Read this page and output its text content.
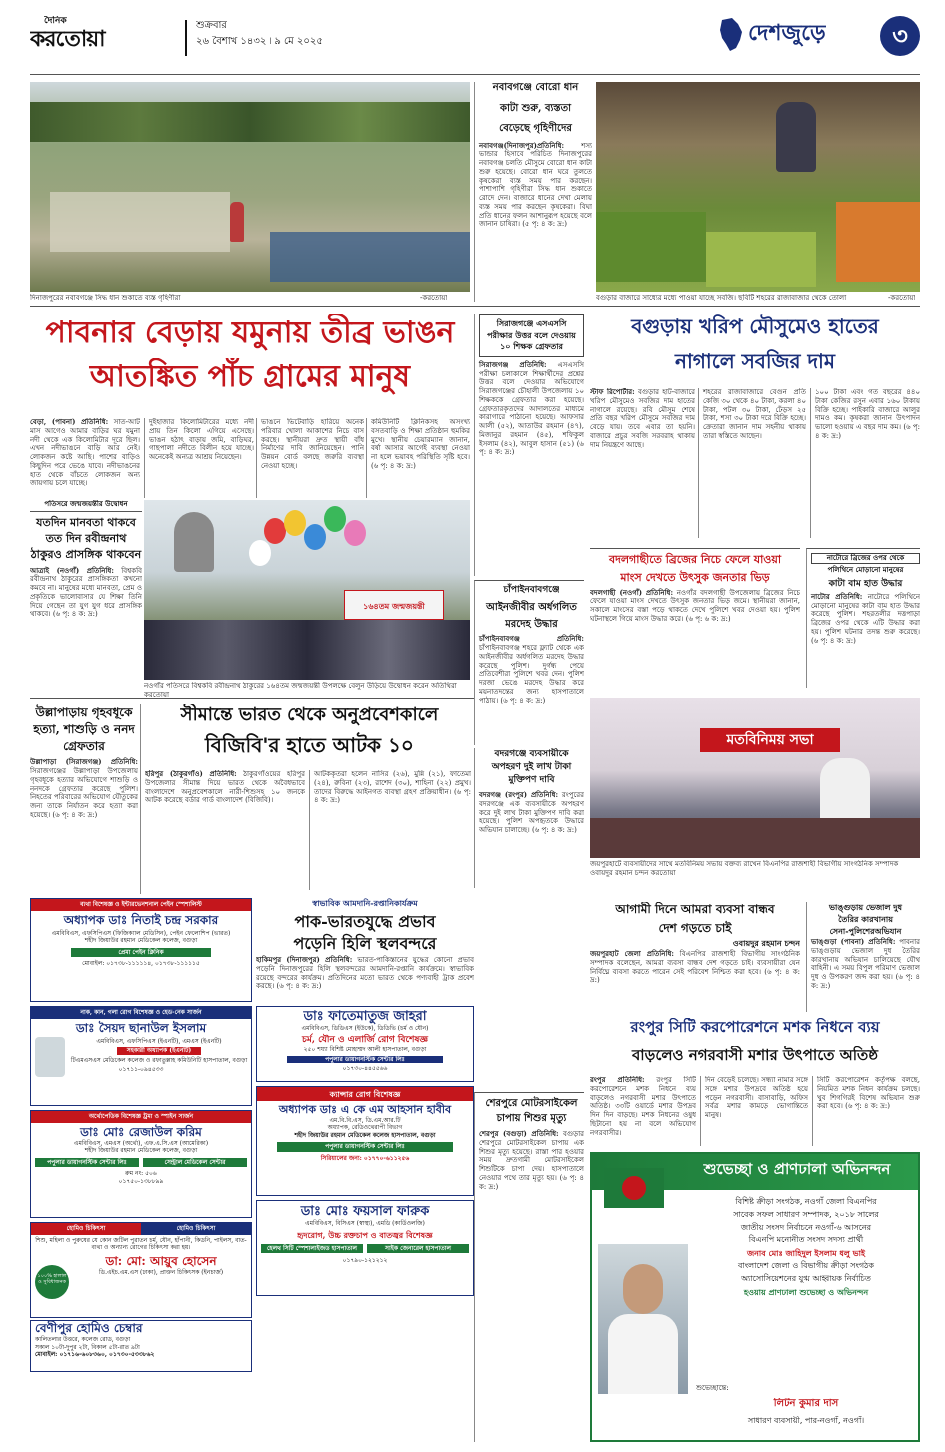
দৈনিক
করতোয়া
শুক্রবার
২৬ বৈশাখ ১৪৩২ ৷ ৯ মে ২০২৫	দেশজুড়ে	৩
দিনাজপুরের নবাবগঞ্জে সিদ্ধ ধান শুকাতে ব্যস্ত গৃহিণীরা	-করতোয়া
নবাবগঞ্জে বোরো ধান
কাটা শুরু, ব্যস্ততা
বেড়েছে গৃহিণীদের
নবাবগঞ্জ(দিনাজপুর)প্রতিনিধি: শস্য ভান্ডার হিসাবে পরিচিত দিনাজপুরের নবাবগঞ্জ চলতি মৌসুমে বোরো ধান কাটা শুরু হয়েছে। বোরো ধান ঘরে তুলতে কৃষকেরা ব্যস্ত সময় পার করছেন। পাশাপাশি গৃহিণীরা সিদ্ধ ধান শুকাতে রোদে দেন। বাজারে ধানের দেখা মেলায় ব্যস্ত সময় পার করছেন কৃষকেরা। বিঘা প্রতি ধানের ফলন আশানুরূপ হয়েছে বলে জানান চাষিরা। (৫ পৃ: ৪ ক: দ্র:)
বগুড়ার বাজারে সাধ্যের মধ্যে পাওয়া যাচ্ছে সবজি। ছবিটি শহরের রাজাবাজার থেকে তোলা	-করতোয়া
পাবনার বেড়ায় যমুনায় তীব্র ভাঙন
আতঙ্কিত পাঁচ গ্রামের মানুষ
বেড়া, (পাবনা) প্রতিনিধি: সাত-আট মাস আগেও আমার বাড়ির ঘর যমুনা নদী থেকে এক কিলোমিটার দূরে ছিল। এখন নদীভাঙনে বাড়ি আর নেই। লোকজন কষ্টে আছি। পাশের বাড়িও কিছুদিন পরে ভেঙে যাবে। নদীভাঙনের হাত থেকে বাঁচতে লোকজন অন্য জায়গায় চলে যাচ্ছে।
দুইহাজার কিলোমিটারের মধ্যে নদী প্রায় তিন কিলো এগিয়ে এসেছে। ভাঙন হঠাৎ বাড়ায় জমি, বাড়িঘর, গাছপালা নদীতে বিলীন হয়ে যাচ্ছে। অনেকেই অন্যত্র আশ্রয় নিয়েছেন।
ভাঙনে ভিটেবাড়ি হারিয়ে অনেক পরিবার খোলা আকাশের নিচে বাস করছে। স্থানীয়রা দ্রুত স্থায়ী বাঁধ নির্মাণের দাবি জানিয়েছেন। পানি উন্নয়ন বোর্ড বলছে জরুরি ব্যবস্থা নেওয়া হচ্ছে।
কমিউনিটি ক্লিনিকসহ অসংখ্য বসতবাড়ি ও শিক্ষা প্রতিষ্ঠান হুমকির মুখে। স্থানীয় চেয়ারম্যান জানান, বর্ষা আসার আগেই ব্যবস্থা নেওয়া না হলে ভয়াবহ পরিস্থিতি সৃষ্টি হবে। (৬ পৃ: ৪ ক: দ্র:)
পতিসরে জন্মজয়ন্তীর উদ্বোধন
যতদিন মানবতা থাকবে তত দিন রবীন্দ্রনাথ ঠাকুরও প্রাসঙ্গিক থাকবেন
আত্রাই (নওগাঁ) প্রতিনিধি: বিশ্বকবি রবীন্দ্রনাথ ঠাকুরের প্রাসঙ্গিকতা কখনো কমবে না। মানুষের মধ্যে মানবতা, প্রেম ও প্রকৃতিকে ভালোবাসার যে শিক্ষা তিনি দিয়ে গেছেন তা যুগ যুগ ধরে প্রাসঙ্গিক থাকবে। (৬ পৃ: ৪ ক: দ্র:)
১৬৪তম জন্মজয়ন্তী
নওগাঁর পতিসরে বিশ্বকবি রবীন্দ্রনাথ ঠাকুরের ১৬৪তম জন্মজয়ন্তী উপলক্ষে বেলুন উড়িয়ে উদ্বোধন করেন অতিথিরা করতোয়া
সিরাজগঞ্জে এসএসসি পরীক্ষার উত্তর বলে দেওয়ায় ১০ শিক্ষক গ্রেফতার
সিরাজগঞ্জ প্রতিনিধি: এসএসসি পরীক্ষা চলাকালে শিক্ষার্থীদের প্রশ্নের উত্তর বলে দেওয়ার অভিযোগে সিরাজগঞ্জের চৌহালী উপজেলায় ১০ শিক্ষককে গ্রেফতার করা হয়েছে। গ্রেফতারকৃতদের আদালতের মাধ্যমে কারাগারে পাঠানো হয়েছে। আফসার আলী (৫২), আতাউর রহমান (৪৭), মিজানুর রহমান (৪৫), শফিকুল ইসলাম (৪২), আবুল হাসান (৫১) (৬ পৃ: ৪ ক: দ্র:)
বগুড়ায় খরিপ মৌসুমেও হাতের
নাগালে সবজির দাম
স্টাফ রিপোর্টার: বগুড়ার হাট-বাজারে খরিপ মৌসুমেও সবজির দাম হাতের নাগালে রয়েছে। রবি মৌসুম শেষে প্রতি বছর খরিপ মৌসুমে সবজির দাম বেড়ে যায়। তবে এবার তা হয়নি। বাজারে প্রচুর সবজি সরবরাহ থাকায় দাম নিয়ন্ত্রণে আছে।
শহরের রাজাবাজারে বেগুন প্রতি কেজি ৩০ থেকে ৪০ টাকা, করলা ৪০ টাকা, পটল ৩০ টাকা, ঢেঁড়স ২৫ টাকা, শসা ৩০ টাকা দরে বিক্রি হচ্ছে। ক্রেতারা জানান দাম সহনীয় থাকায় তারা স্বস্তিতে আছেন।
১০০ টাকা এবং গত বছরের ৪৪০ টাকা কেজির রসুন এবার ১৬০ টাকায় বিক্রি হচ্ছে। পাইকারি বাজারে আলুর দামও কম। কৃষকরা জানান উৎপাদন ভালো হওয়ায় এ বছর দাম কম। (৬ পৃ: ৪ ক: দ্র:)
চাঁপাইনবাবগঞ্জে
আইনজীবীর অর্ধগলিত
মরদেহ উদ্ধার
চাঁপাইনবাবগঞ্জ প্রতিনিধি: চাঁপাইনবাবগঞ্জ শহরে ফ্ল্যাট থেকে এক আইনজীবীর অর্ধগলিত মরদেহ উদ্ধার করেছে পুলিশ। দুর্গন্ধ পেয়ে প্রতিবেশীরা পুলিশে খবর দেন। পুলিশ দরজা ভেঙে মরদেহ উদ্ধার করে ময়নাতদন্তের জন্য হাসপাতালে পাঠায়। (৬ পৃ: ৪ ক: দ্র:)
বদলগাছীতে ব্রিজের নিচে ফেলে যাওয়া
মাংস দেখতে উৎসুক জনতার ভিড়
বদলগাছী (নওগাঁ) প্রতিনিধি: নওগাঁর বদলগাছী উপজেলায় ব্রিজের নিচে ফেলে যাওয়া মাংস দেখতে উৎসুক জনতার ভিড় জমে। স্থানীয়রা জানান, সকালে মাংসের বস্তা পড়ে থাকতে দেখে পুলিশে খবর দেওয়া হয়। পুলিশ ঘটনাস্থলে গিয়ে মাংস উদ্ধার করে। (৬ পৃ: ৬ ক: দ্র:)
নাটোরে ব্রিজের ওপর থেকে
পলিথিনে মোড়ানো মানুষের
কাটা বাম হাত উদ্ধার
নাটোর প্রতিনিধি: নাটোরে পলিথিনে মোড়ানো মানুষের কাটা বাম হাত উদ্ধার করেছে পুলিশ। শহরতলীর দত্তপাড়া ব্রিজের ওপর থেকে এটি উদ্ধার করা হয়। পুলিশ ঘটনার তদন্ত শুরু করেছে। (৬ পৃ: ৪ ক: দ্র:)
উল্লাপাড়ায় গৃহবধূকে হত্যা, শাশুড়ি ও ননদ গ্রেফতার
উল্লাপাড়া (সিরাজগঞ্জ) প্রতিনিধি: সিরাজগঞ্জের উল্লাপাড়া উপজেলায় গৃহবধূকে হত্যার অভিযোগে শাশুড়ি ও ননদকে গ্রেফতার করেছে পুলিশ। নিহতের পরিবারের অভিযোগ যৌতুকের জন্য তাকে নির্যাতন করে হত্যা করা হয়েছে। (৬ পৃ: ৪ ক: দ্র:)
সীমান্তে ভারত থেকে অনুপ্রবেশকালে
বিজিবি'র হাতে আটক ১০
হরিপুর (ঠাকুরগাঁও) প্রতিনিধি: ঠাকুরগাঁওয়ের হরিপুর উপজেলার সীমান্ত দিয়ে ভারত থেকে অবৈধভাবে বাংলাদেশে অনুপ্রবেশকালে নারী-শিশুসহ ১০ জনকে আটক করেছে বর্ডার গার্ড বাংলাদেশ (বিজিবি)।
আটককৃতরা হলেন নাসির (২৬), মুন্নি (২১), ফাতেমা (২৪), রুবিনা (২৩), রাশেদ (৩০), শাহিনা (২২) প্রমুখ। তাদের বিরুদ্ধে আইনগত ব্যবস্থা গ্রহণ প্রক্রিয়াধীন। (৬ পৃ: ৪ ক: দ্র:)
মতবিনিময় সভা
জয়পুরহাটে ব্যবসায়ীদের সাথে মতবিনিময় সভায় বক্তব্য রাখেন বিএনপির রাজশাহী বিভাগীয় সাংগঠনিক সম্পাদক ওবায়দুর রহমান চন্দন করতোয়া
বদরগঞ্জে ব্যবসায়ীকে অপহরণ দুই লাখ টাকা মুক্তিপণ দাবি
বদরগঞ্জ (রংপুর) প্রতিনিধি: রংপুরের বদরগঞ্জে এক ব্যবসায়ীকে অপহরণ করে দুই লাখ টাকা মুক্তিপণ দাবি করা হয়েছে। পুলিশ অপহৃতকে উদ্ধারে অভিযান চালাচ্ছে। (৬ পৃ: ৪ ক: দ্র:)
ব্যথা বিশেষজ্ঞ ও ইন্টারভেনশনাল পেইন স্পেশালিস্ট
অধ্যাপক ডাঃ নিতাই চন্দ্র সরকার
এমবিবিএস, এফসিপিএস (ফিজিক্যাল মেডিসিন), পেইন ফেলোশিপ (ভারত)
শহীদ জিয়াউর রহমান মেডিকেল কলেজ, বগুড়া
প্রেমা পেইন ক্লিনিক
মোবাইল: ০১৭৩৮-১১১১১৪, ০১৭৩৮-১১১১১৫
স্বাভাবিক আমদানি-রপ্তানিকার্যক্রম
পাক-ভারতযুদ্ধে প্রভাব
পড়েনি হিলি স্থলবন্দরে
হাকিমপুর (দিনাজপুর) প্রতিনিধি: ভারত-পাকিস্তানের যুদ্ধের কোনো প্রভাব পড়েনি দিনাজপুরের হিলি স্থলবন্দরের আমদানি-রপ্তানি কার্যক্রমে। স্বাভাবিক রয়েছে বন্দরের কার্যক্রম। প্রতিদিনের মতো ভারত থেকে পণ্যবাহী ট্রাক প্রবেশ করছে। (৬ পৃ: ৪ ক: দ্র:)
আগামী দিনে আমরা ব্যবসা বান্ধব
দেশ গড়তে চাই
ওবায়দুর রহমান চন্দন
জয়পুরহাট জেলা প্রতিনিধি: বিএনপির রাজশাহী বিভাগীয় সাংগঠনিক সম্পাদক বলেছেন, আমরা ব্যবসা বান্ধব দেশ গড়তে চাই। ব্যবসায়ীরা যেন নির্বিঘ্নে ব্যবসা করতে পারেন সেই পরিবেশ নিশ্চিত করা হবে। (৬ পৃ: ৪ ক: দ্র:)
ভাঙ্গুড়ায় ভেজাল দুধ
তৈরির কারখানায়
সেনা-পুলিশেরঅভিযান
ভাঙ্গুড়া (পাবনা) প্রতিনিধি: পাবনার ভাঙ্গুড়ায় ভেজাল দুধ তৈরির কারখানায় অভিযান চালিয়েছে যৌথ বাহিনী। এ সময় বিপুল পরিমাণ ভেজাল দুধ ও উপকরণ জব্দ করা হয়। (৬ পৃ: ৪ ক: দ্র:)
রংপুর সিটি করপোরেশনে মশক নিধনে ব্যয়
বাড়লেও নগরবাসী মশার উৎপাতে অতিষ্ঠ
রংপুর প্রতিনিধি: রংপুর সিটি করপোরেশনে মশক নিধনে ব্যয় বাড়লেও নগরবাসী মশার উৎপাতে অতিষ্ঠ। ৩৩টি ওয়ার্ডে মশার উপদ্রব দিন দিন বাড়ছে। মশক নিধনের ওষুধ ছিটানো হয় না বলে অভিযোগ নগরবাসীর।
দিন বেড়েই চলেছে। সন্ধ্যা নামার সঙ্গে সঙ্গে মশার উপদ্রবে অতিষ্ঠ হয়ে পড়েন নগরবাসী। বাসাবাড়ি, অফিস সর্বত্র মশার কামড়ে ভোগান্তিতে মানুষ।
সিটি করপোরেশন কর্তৃপক্ষ বলছে, নিয়মিত মশক নিধন কার্যক্রম চলছে। খুব শিগগিরই বিশেষ অভিযান শুরু করা হবে। (৬ পৃ: ৪ ক: দ্র:)
নাক, কান, গলা রোগ বিশেষজ্ঞ ও হেড-নেক সার্জন
ডাঃ সৈয়দ ছানাউল ইসলাম
এমবিবিএস, এফসিপিএস (ইএনটি), এমএস (ইএনটি)
সহকারী অধ্যাপক (ইএনটি)
টিএমএসএস মেডিকেল কলেজ ও রফাতুল্লাহ কমিউনিটি হাসপাতাল, বগুড়া
০১৭১১-০৯৪৫৩৩
ডাঃ ফাতেমাতুজ জাহরা
এমবিবিএস, ডিডিএস (ইউকে), ডিডিভি (চর্ম ও যৌন)
চর্ম, যৌন ও এলার্জি রোগ বিশেষজ্ঞ
২৫০ শয্যা বিশিষ্ট মোহাম্মদ আলী হাসপাতাল, বগুড়া
পপুলার ডায়াগনস্টিক সেন্টার লিঃ
০১৭৩০-৪৪৫৫৬৬
শেরপুরে মোটরসাইকেল চাপায় শিশুর মৃত্যু
শেরপুর (বগুড়া) প্রতিনিধি: বগুড়ার শেরপুরে মোটরসাইকেল চাপায় এক শিশুর মৃত্যু হয়েছে। রাস্তা পার হওয়ার সময় দ্রুতগামী মোটরসাইকেল শিশুটিকে চাপা দেয়। হাসপাতালে নেওয়ার পথে তার মৃত্যু হয়। (৬ পৃ: ৪ ক: দ্র:)
ক্যান্সার রোগ বিশেষজ্ঞ
অধ্যাপক ডাঃ এ কে এম আহসান হাবীব
এম.বি.বি.এস, ডি.এম.আর.টি
অধ্যাপক, রেডিওথেরাপী বিভাগ
শহীদ জিয়াউর রহমান মেডিকেল কলেজ হাসপাতাল, বগুড়া
পপুলার ডায়াগনস্টিক সেন্টার লিঃ
সিরিয়ালের জন্য: ০১৭৭০-৬১১২৫৬
অর্থোপেডিক বিশেষজ্ঞ ট্রমা ও স্পাইন সার্জন
ডাঃ মোঃ রেজাউল করিম
এমবিবিএস, এমএস (অর্থো), এফ.এ.সি.এস (আমেরিকা)
শহীদ জিয়াউর রহমান মেডিকেল কলেজ, বগুড়া
পপুলার ডায়াগনস্টিক সেন্টার লিঃ	সেন্ট্রাল মেডিকেল সেন্টার
রুম নং: ৫০৬
০১৭৫০-১৩৮৮৯৯
ডাঃ মোঃ ফয়সাল ফারুক
এমবিবিএস, বিসিএস (স্বাস্থ্য), এমডি (কার্ডিওলজি)
হৃদরোগ, উচ্চ রক্তচাপ ও বাতজ্বর বিশেষজ্ঞ
হেলথ সিটি স্পেশালাইজড হাসপাতাল	সাইক জেনারেল হাসপাতাল
০১৭৯০-১২১২১২
হোমিও চিকিৎসা	হোমিও চিকিৎসা
শিশু, মহিলা ও পুরুষের যে কোন জটিল পুরাতন চর্ম, যৌন, হাঁপানী, কিডনি, পাইলস, বাত-ব্যথা ও অন্যান্য রোগের চিকিৎসা করা হয়।
১০০% হালাল ও সুবিধাজনক
ডা: মো: আয়ুব হোসেন
ডি.এইচ.এম.এস (ঢাকা), প্রাক্তন চিকিৎসক (ইনচার্জ)
বেণীপুর হোমিও চেম্বার
কালিতলার উত্তরে, কলেজ রোড, বগুড়া
সকাল ১০টা-দুপুর ২টা, বিকাল ৫টা-রাত ৯টা
মোবাইল: ০১৭১৬-৬০৮৩৬০, ০১৭৩০-৫৩৩৮৬২
শুভেচ্ছা ও প্রাণঢালা অভিনন্দন
বিশিষ্ট ক্রীড়া সংগঠক, নওগাঁ জেলা বিএনপির
সাবেক সফল সাধারণ সম্পাদক, ২০১৮ সালের
জাতীয় সংসদ নির্বাচনে নওগাঁ-৬ আসনের
বিএনপি মনোনীত সংসদ সদস্য প্রার্থী
জনাব মোঃ জাহিদুল ইসলাম ধলু ভাই
বাংলাদেশ জেলা ও বিভাগীয় ক্রীড়া সংগঠক
অ্যাসোসিয়েশনের যুগ্ম আহ্বায়ক নির্বাচিত
হওয়ায় প্রাণঢালা শুভেচ্ছা ও অভিনন্দন
শুভেচ্ছান্তে:
লিটন কুমার দাস
সাধারণ ব্যবসায়ী, পার-নওগাঁ, নওগাঁ।
